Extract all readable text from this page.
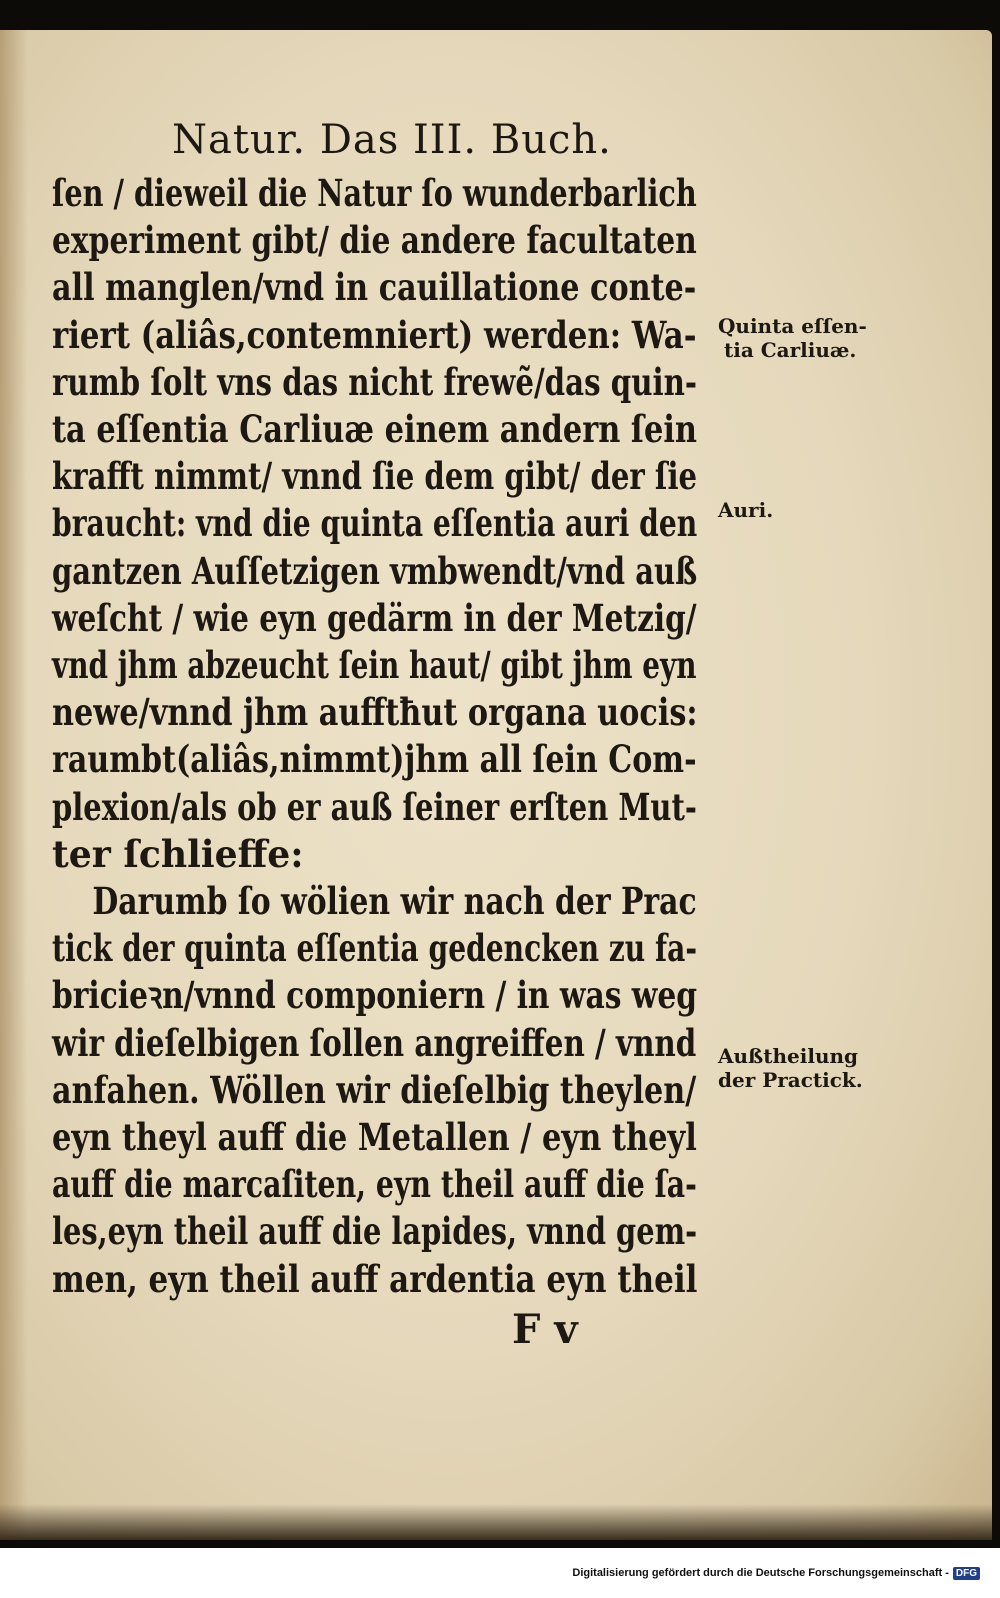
Natur. Das III. Buch.
ſen / dieweil die Natur ſo wunderbarlich
experiment gibt/ die andere facultaten
all manglen/vnd in cauillatione conte-
riert (aliâs,contemniert) werden: Wa-
rumb ſolt vns das nicht frewẽ/das quin-
ta eſſentia Carliuæ einem andern ſein
krafft nimmt/ vnnd ſie dem gibt/ der ſie
braucht: vnd die quinta eſſentia auri den
gantzen Auſſetzigen vmbwendt/vnd auß
weſcht / wie eyn gedärm in der Metzig/
vnd jhm abzeucht ſein haut/ gibt jhm eyn
newe/vnnd jhm aufftħut organa uocis:
raumbt(aliâs,nimmt)jhm all ſein Com-
plexion/als ob er auß ſeiner erſten Mut-
ter ſchlieffe:
Darumb ſo wölien wir nach der Prac
tick der quinta eſſentia gedencken zu fa-
bricieꝛn/vnnd componiern / in was weg
wir dieſelbigen ſollen angreiffen / vnnd
anfahen. Wöllen wir dieſelbig theylen/
eyn theyl auff die Metallen / eyn theyl
auff die marcaſiten, eyn theil auff die ſa-
les,eyn theil auff die lapides, vnnd gem-
men, eyn theil auff ardentia eyn theil
F v
Quinta eſſen-
tia Carliuæ.
Auri.
Außtheilung
der Practick.
Digitalisierung gefördert durch die Deutsche Forschungsgemeinschaft - DFG
